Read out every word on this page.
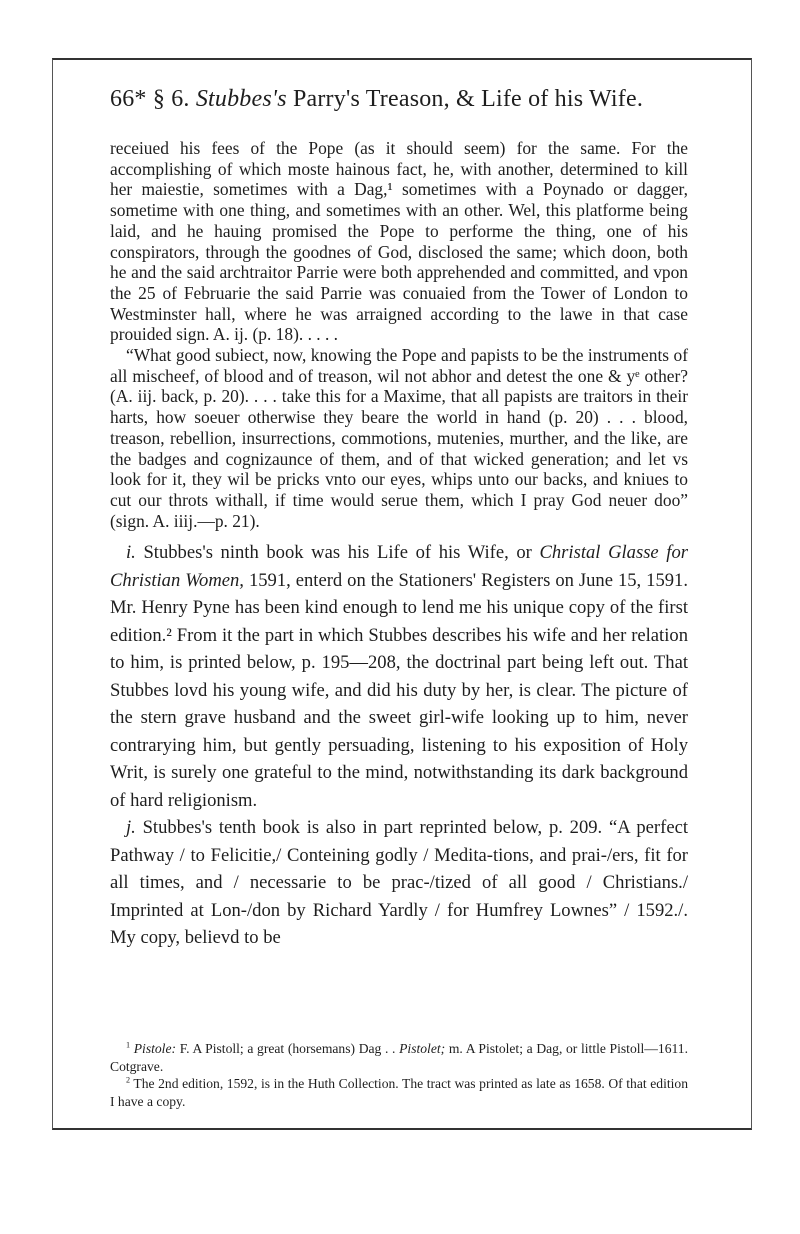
66* § 6. Stubbes's Parry's Treason, & Life of his Wife.

receiued his fees of the Pope (as it should seem) for the same. For the accomplishing of which moste hainous fact, he, with another, determined to kill her maiestie, sometimes with a Dag,¹ sometimes with a Poynado or dagger, sometime with one thing, and sometimes with an other. Wel, this platforme being laid, and he hauing promised the Pope to performe the thing, one of his conspirators, through the goodnes of God, disclosed the same; which doon, both he and the said archtraitor Parrie were both apprehended and committed, and vpon the 25 of Februarie the said Parrie was conuaied from the Tower of London to Westminster hall, where he was arraigned according to the lawe in that case prouided sign. A. ij. (p. 18). . . . .

“What good subiect, now, knowing the Pope and papists to be the instruments of all mischeef, of blood and of treason, wil not abhor and detest the one & yᵉ other? (A. iij. back, p. 20). . . . take this for a Maxime, that all papists are traitors in their harts, how soeuer otherwise they beare the world in hand (p. 20) . . . blood, treason, rebellion, insurrections, commotions, mutenies, murther, and the like, are the badges and cognizaunce of them, and of that wicked generation; and let vs look for it, they wil be pricks vnto our eyes, whips unto our backs, and kniues to cut our throts withall, if time would serue them, which I pray God neuer doo” (sign. A. iiij.—p. 21).

i. Stubbes's ninth book was his Life of his Wife, or Christal Glasse for Christian Women, 1591, enterd on the Stationers' Registers on June 15, 1591. Mr. Henry Pyne has been kind enough to lend me his unique copy of the first edition.² From it the part in which Stubbes describes his wife and her relation to him, is printed below, p. 195—208, the doctrinal part being left out. That Stubbes lovd his young wife, and did his duty by her, is clear. The picture of the stern grave husband and the sweet girl-wife looking up to him, never contrarying him, but gently persuading, listening to his exposition of Holy Writ, is surely one grateful to the mind, notwithstanding its dark background of hard religionism.

j. Stubbes's tenth book is also in part reprinted below, p. 209. “A perfect Pathway / to Felicitie,/ Conteining godly / Medita-tions, and prai-/ers, fit for all times, and / necessarie to be prac-/tized of all good / Christians./ Imprinted at Lon-/don by Richard Yardly / for Humfrey Lownes” / 1592./. My copy, believd to be

$^1$ Pistole: F. A Pistoll; a great (horsemans) Dag . . Pistolet; m. A Pistolet; a Dag, or little Pistoll—1611. Cotgrave.

$^2$ The 2nd edition, 1592, is in the Huth Collection. The tract was printed as late as 1658. Of that edition I have a copy.
